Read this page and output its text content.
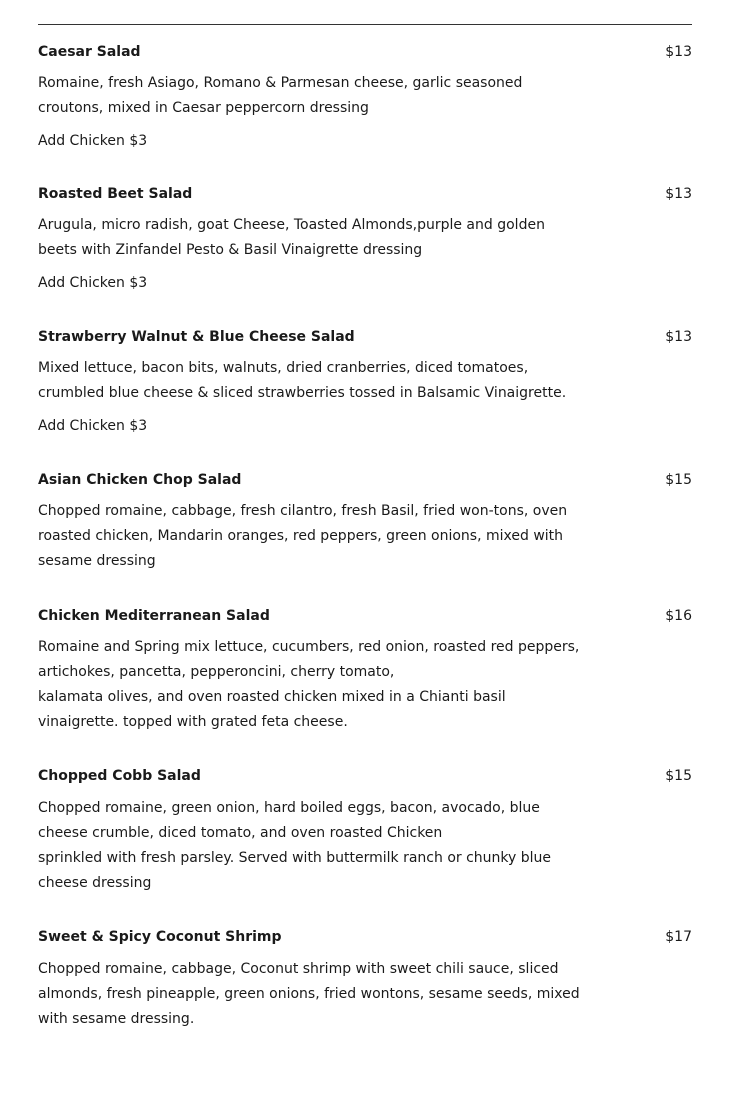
Caesar Salad	$13
Romaine, fresh Asiago, Romano & Parmesan cheese, garlic seasoned
croutons, mixed in Caesar peppercorn dressing
Add Chicken $3
Roasted Beet Salad	$13
Arugula, micro radish, goat Cheese, Toasted Almonds,purple and golden
beets with Zinfandel Pesto & Basil Vinaigrette dressing
Add Chicken $3
Strawberry Walnut & Blue Cheese Salad	$13
Mixed lettuce, bacon bits, walnuts, dried cranberries, diced tomatoes,
crumbled blue cheese & sliced strawberries tossed in Balsamic Vinaigrette.
Add Chicken $3
Asian Chicken Chop Salad	$15
Chopped romaine, cabbage, fresh cilantro, fresh Basil, fried won-tons, oven
roasted chicken, Mandarin oranges, red peppers, green onions, mixed with
sesame dressing
Chicken Mediterranean Salad	$16
Romaine and Spring mix lettuce, cucumbers, red onion, roasted red peppers,
artichokes, pancetta, pepperoncini, cherry tomato,
kalamata olives, and oven roasted chicken mixed in a Chianti basil
vinaigrette. topped with grated feta cheese.
Chopped Cobb Salad	$15
Chopped romaine, green onion, hard boiled eggs, bacon, avocado, blue
cheese crumble, diced tomato, and oven roasted Chicken
sprinkled with fresh parsley. Served with buttermilk ranch or chunky blue
cheese dressing
Sweet & Spicy Coconut Shrimp	$17
Chopped romaine, cabbage, Coconut shrimp with sweet chili sauce, sliced
almonds, fresh pineapple, green onions, fried wontons, sesame seeds, mixed
with sesame dressing.
